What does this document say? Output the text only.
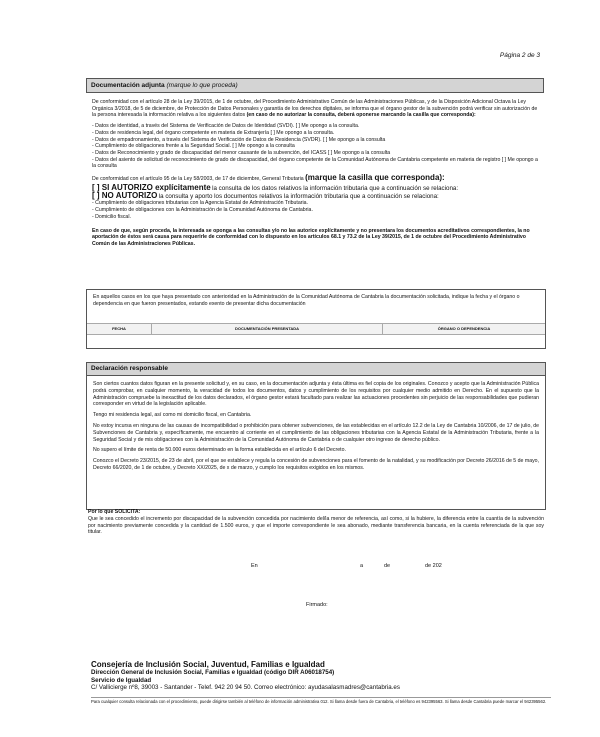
Página 2 de 3
Documentación adjunta (marque lo que proceda)

De conformidad con el artículo 28 de la Ley 39/2015, de 1 de octubre, del Procedimiento Administrativo Común de las Administraciones Públicas, y de la Disposición Adicional Octava la Ley Orgánica 3/2018, de 5 de diciembre, de Protección de Datos Personales y garantía de los derechos digitales, se informa que el órgano gestor de la subvención podrá verificar sin autorización de la persona interesada la información relativa a los siguientes datos (en caso de no autorizar la consulta, deberá oponerse marcando la casilla que corresponda):

- Datos de identidad, a través del Sistema de Verificación de Datos de Identidad (SVDI). [ ] Me opongo a la consulta.
- Datos de residencia legal, del órgano competente en materia de Extranjería [ ] Me opongo a la consulta.
- Datos de empadronamiento, a través del Sistema de Verificación de Datos de Residencia (SVDR). [ ] Me opongo a la consulta
- Cumplimiento de obligaciones frente a la Seguridad Social. [ ] Me opongo a la consulta
- Datos de Reconocimiento y grado de discapacidad del menor causante de la subvención, del ICASS [ ] Me opongo a la consulta
- Datos del asiento de solicitud de reconocimiento de grado de discapacidad, del órgano competente de la Comunidad Autónoma de Cantabria competente en materia de registro [ ] Me opongo a la consulta

De conformidad con el artículo 95 de la Ley 58/2003, de 17 de diciembre, General Tributaria (marque la casilla que corresponda):

[ ] SI AUTORIZO explícitamente la consulta de los datos relativos la información tributaria que a continuación se relaciona:
[ ] NO AUTORIZO la consulta y aporto los documentos relativos la información tributaria que a continuación se relaciona:
- Cumplimiento de obligaciones tributarias con la Agencia Estatal de Administración Tributaria.
- Cumplimiento de obligaciones con la Administración de la Comunidad Autónoma de Cantabria.
- Domicilio fiscal.

En caso de que, según proceda, la interesada se oponga a las consultas y/o no las autorice explícitamente y no presentara los documentos acreditativos correspondientes, la no aportación de éstos será causa para requerirle de conformidad con lo dispuesto en los artículos 68.1 y 73.2 de la Ley 39/2015, de 1 de octubre del Procedimiento Administrativo Común de las Administraciones Públicas.

En aquellos casos en los que haya presentado con anterioridad en la Administración de la Comunidad Autónoma de Cantabria la documentación solicitada, indique la fecha y el órgano o dependencia en que fueron presentados, estando exento de presentar dicha documentación
FECHA	DOCUMENTACIÓN PRESENTADA	ÓRGANO O DEPENDENCIA
Declaración responsable

Son ciertos cuantos datos figuran en la presente solicitud y, en su caso, en la documentación adjunta y ésta última es fiel copia de los originales. Conozco y acepto que la Administración Pública podrá comprobar, en cualquier momento, la veracidad de todos los documentos, datos y cumplimiento de los requisitos por cualquier medio admitido en Derecho. En el supuesto que la Administración compruebe la inexactitud de los datos declarados, el órgano gestor estará facultado para realizar las actuaciones procedentes sin perjuicio de las responsabilidades que pudieran corresponder en virtud de la legislación aplicable.

Tengo mi residencia legal, así como mi domicilio fiscal, en Cantabria.

No estoy incursa en ninguna de las causas de incompatibilidad o prohibición para obtener subvenciones, de las establecidas en el artículo 12.2 de la Ley de Cantabria 10/2006, de 17 de julio, de Subvenciones de Cantabria y, específicamente, me encuentro al corriente en el cumplimiento de las obligaciones tributarias con la Agencia Estatal de la Administración Tributaria, frente a la Seguridad Social y de mis obligaciones con la Administración de la Comunidad Autónoma de Cantabria o de cualquier otro ingreso de derecho público.

No supero el límite de renta de 50.000 euros determinado en la forma establecida en el artículo 6 del Decreto.

Conozco el Decreto 23/2015, de 23 de abril, por el que se establece y regula la concesión de subvenciones para el fomento de la natalidad, y su modificación por Decreto 26/2016 de 5 de mayo, Decreto 66/2020, de 1 de octubre, y Decreto XX/2025, de x de marzo, y cumplo los requisitos exigidos en los mismos.

Por lo que SOLICITA:

Que le sea concedido el incremento por discapacidad de la subvención concedida por nacimiento del/la menor de referencia, así como, si la hubiere, la diferencia entre la cuantía de la subvención por nacimiento previamente concedida y la cantidad de 1.500 euros, y que el importe correspondiente le sea abonado, mediante transferencia bancaria, en la cuenta referenciada de la que soy titular.

En	a	de	de 202
Firmado:
Consejería de Inclusión Social, Juventud, Familias e Igualdad
Dirección General de Inclusión Social, Familias e Igualdad (código DIR A06018754)
Servicio de Igualdad
C/ Vallicierge nº8, 39003 - Santander - Telef. 942 20 94 50. Correo electrónico: ayudasalasmadres@cantabria.es
Para cualquier consulta relacionada con el procedimiento, puede dirigirse también al teléfono de información administrativa 012. Si llama desde fuera de Cantabria, el teléfono es 942395563. Si llama desde Cantabria puede marcar el 942395562.
